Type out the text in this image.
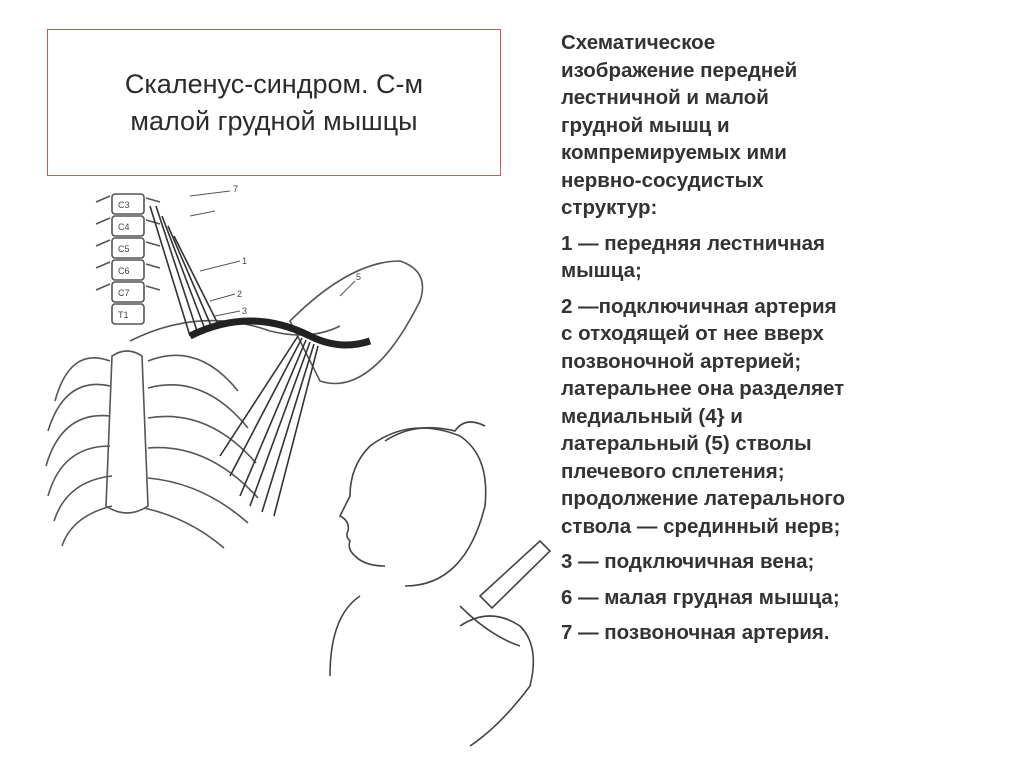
Скаленус-синдром. С-м
малой грудной мышцы
7
1
2
3
5
C3
C4
C5
C6
C7
T1

Схематическое
изображение передней
лестничной и малой
грудной мышц и
компремируемых ими
нервно-сосудистых
структур:

1 — передняя лестничная
мышца;

2 —подключичная артерия
с отходящей от нее вверх
позвоночной артерией;
латеральнее она разделяет
медиальный (4} и
латеральный (5) стволы
плечевого сплетения;
продолжение латерального
ствола — срединный нерв;

3 — подключичная вена;

6 — малая грудная мышца;

7 — позвоночная артерия.
